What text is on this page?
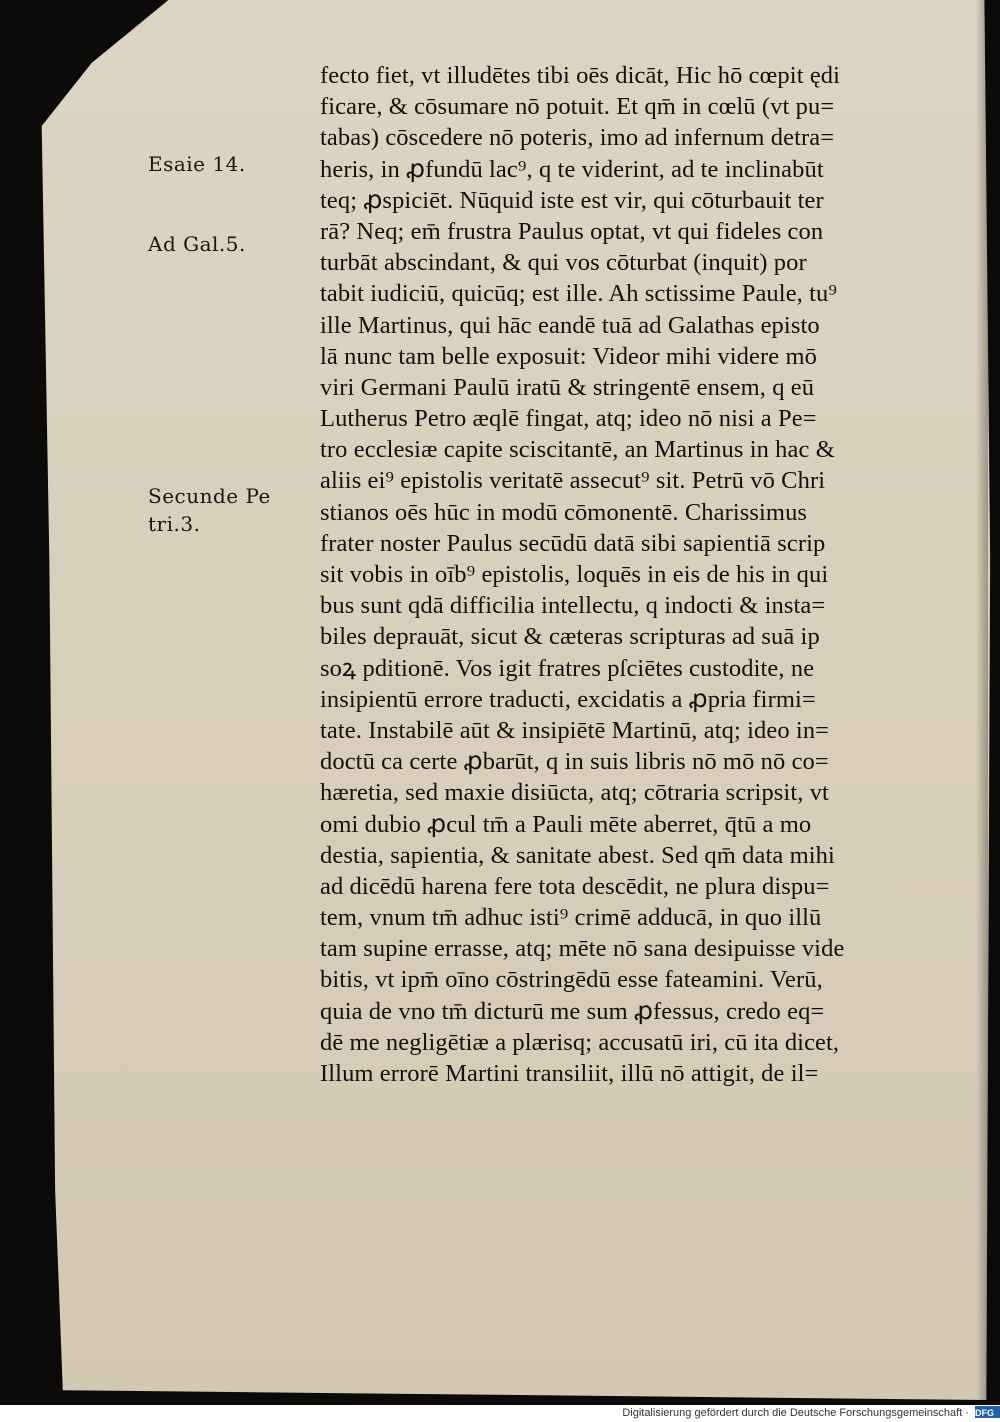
Esaie 14.
Ad Gal.5.
Secunde Pe
tri.3.
fecto fiet, vt illudētes tibi oēs dicāt, Hic hō cœpit ędi
ficare, & cōsumare nō potuit. Et qm̄ in cœlū (vt pu=
tabas) cōscedere nō poteris, imo ad infernum detra=
heris, in ꝓfundū lac⁹, q te viderint, ad te inclinabūt
teq; ꝓspiciēt. Nūquid iste est vir, qui cōturbauit ter
rā? Neq; em̄ frustra Paulus optat, vt qui fideles con
turbāt abscindant, & qui vos cōturbat (inquit) por
tabit iudiciū, quicūq; est ille. Ah sctissime Paule, tu⁹
ille Martinus, qui hāc eandē tuā ad Galathas episto
lā nunc tam belle exposuit: Videor mihi videre mō
viri Germani Paulū iratū & stringentē ensem, q eū
Lutherus Petro æqlē fingat, atq; ideo nō nisi a Pe=
tro ecclesiæ capite sciscitantē, an Martinus in hac &
aliis ei⁹ epistolis veritatē assecut⁹ sit. Petrū vō Chri
stianos oēs hūc in modū cōmonentē. Charissimus
frater noster Paulus secūdū datā sibi sapientiā scrip
sit vobis in oīb⁹ epistolis, loquēs in eis de his in qui
bus sunt qdā difficilia intellectu, q indocti & insta=
biles deprauāt, sicut & cæteras scripturas ad suā ip
soꝝ pditionē. Vos igit fratres pſciētes custodite, ne
insipientū errore traducti, excidatis a ꝓpria firmi=
tate. Instabilē aūt & insipiētē Martinū, atq; ideo in=
doctū ca certe ꝓbarūt, q in suis libris nō mō nō co=
hæretia, sed maxie disiūcta, atq; cōtraria scripsit, vt
omi dubio ꝓcul tm̄ a Pauli mēte aberret, q̄tū a mo
destia, sapientia, & sanitate abest. Sed qm̄ data mihi
ad dicēdū harena fere tota descēdit, ne plura dispu=
tem, vnum tm̄ adhuc isti⁹ crimē adducā, in quo illū
tam supine errasse, atq; mēte nō sana desipuisse vide
bitis, vt ipm̄ oīno cōstringēdū esse fateamini. Verū,
quia de vno tm̄ dicturū me sum ꝓfessus, credo eq=
dē me negligētiæ a plærisq; accusatū iri, cū ita dicet,
Illum errorē Martini transiliit, illū nō attigit, de il=
Digitalisierung gefördert durch die Deutsche Forschungsgemeinschaft · DFG
